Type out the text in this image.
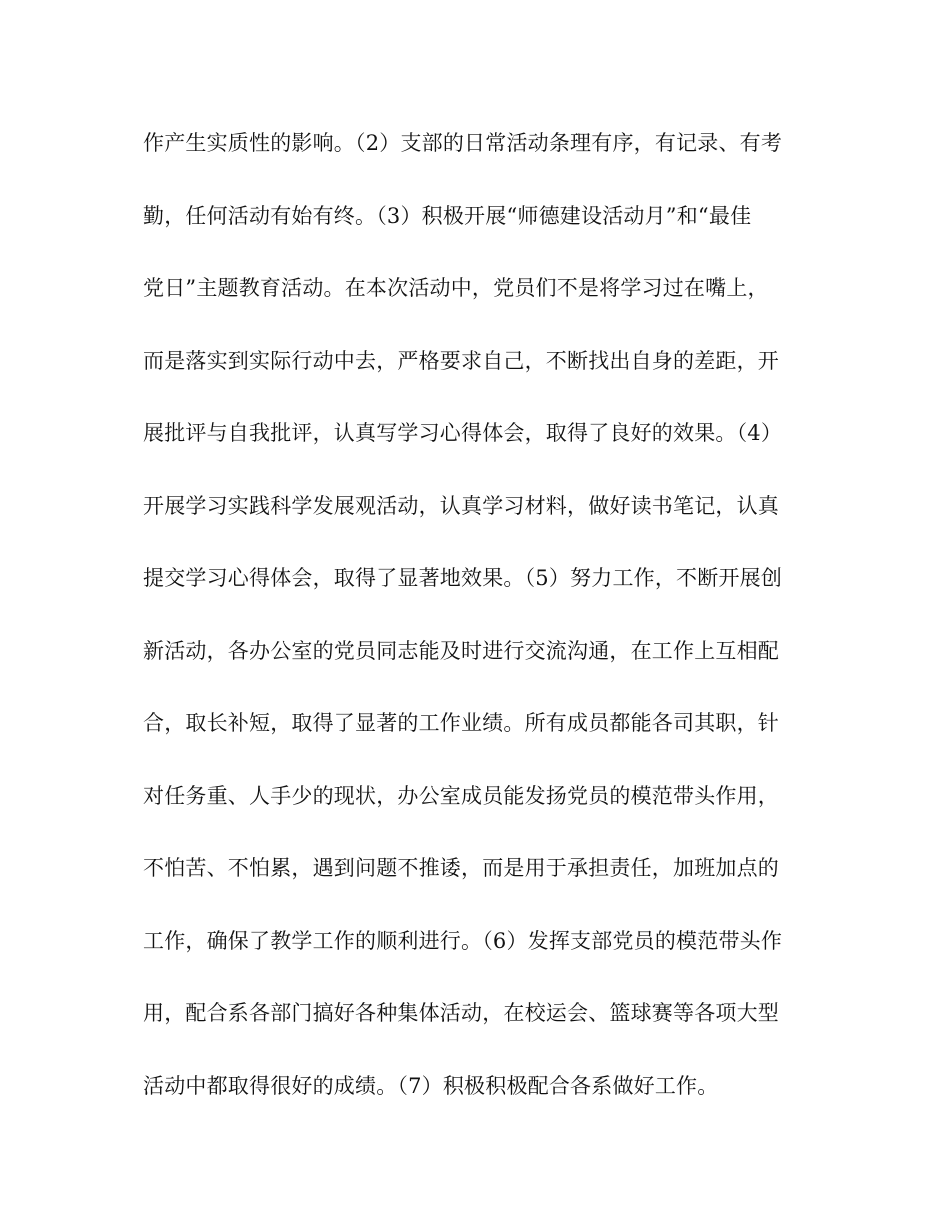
作产生实质性的影响。（2）支部的日常活动条理有序，有记录、有考
勤，任何活动有始有终。（3）积极开展“师德建设活动月”和“最佳
党日”主题教育活动。在本次活动中，党员们不是将学习过在嘴上，
而是落实到实际行动中去，严格要求自己，不断找出自身的差距，开
展批评与自我批评，认真写学习心得体会，取得了良好的效果。（4）
开展学习实践科学发展观活动，认真学习材料，做好读书笔记，认真
提交学习心得体会，取得了显著地效果。（5）努力工作，不断开展创
新活动，各办公室的党员同志能及时进行交流沟通，在工作上互相配
合，取长补短，取得了显著的工作业绩。所有成员都能各司其职，针
对任务重、人手少的现状，办公室成员能发扬党员的模范带头作用，
不怕苦、不怕累，遇到问题不推诿，而是用于承担责任，加班加点的
工作，确保了教学工作的顺利进行。（6）发挥支部党员的模范带头作
用，配合系各部门搞好各种集体活动，在校运会、篮球赛等各项大型
活动中都取得很好的成绩。（7）积极积极配合各系做好工作。
